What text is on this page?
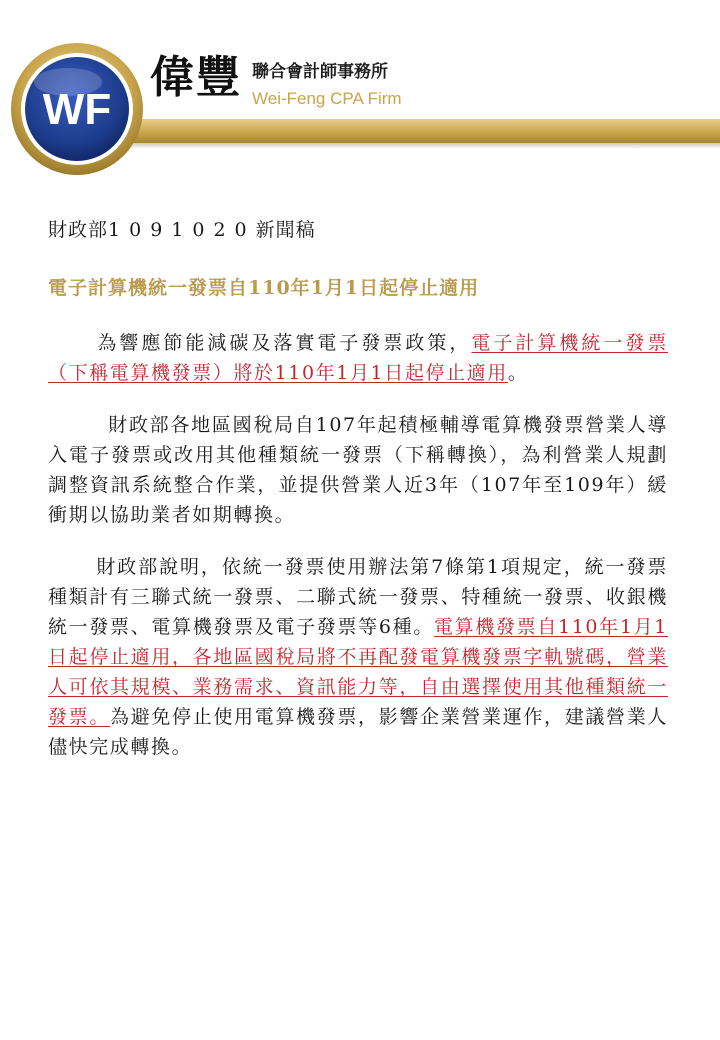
WF
偉豐 聯合會計師事務所
Wei-Feng CPA Firm
財政部1091020新聞稿
電子計算機統一發票自110年1月1日起停止適用

為響應節能減碳及落實電子發票政策，電子計算機統一發票（下稱電算機發票）將於110年1月1日起停止適用。

財政部各地區國稅局自107年起積極輔導電算機發票營業人導入電子發票或改用其他種類統一發票（下稱轉換），為利營業人規劃調整資訊系統整合作業，並提供營業人近3年（107年至109年）緩衝期以協助業者如期轉換。

財政部說明，依統一發票使用辦法第7條第1項規定，統一發票種類計有三聯式統一發票、二聯式統一發票、特種統一發票、收銀機統一發票、電算機發票及電子發票等6種。電算機發票自110年1月1日起停止適用，各地區國稅局將不再配發電算機發票字軌號碼，營業人可依其規模、業務需求、資訊能力等，自由選擇使用其他種類統一發票。為避免停止使用電算機發票，影響企業營業運作，建議營業人儘快完成轉換。
